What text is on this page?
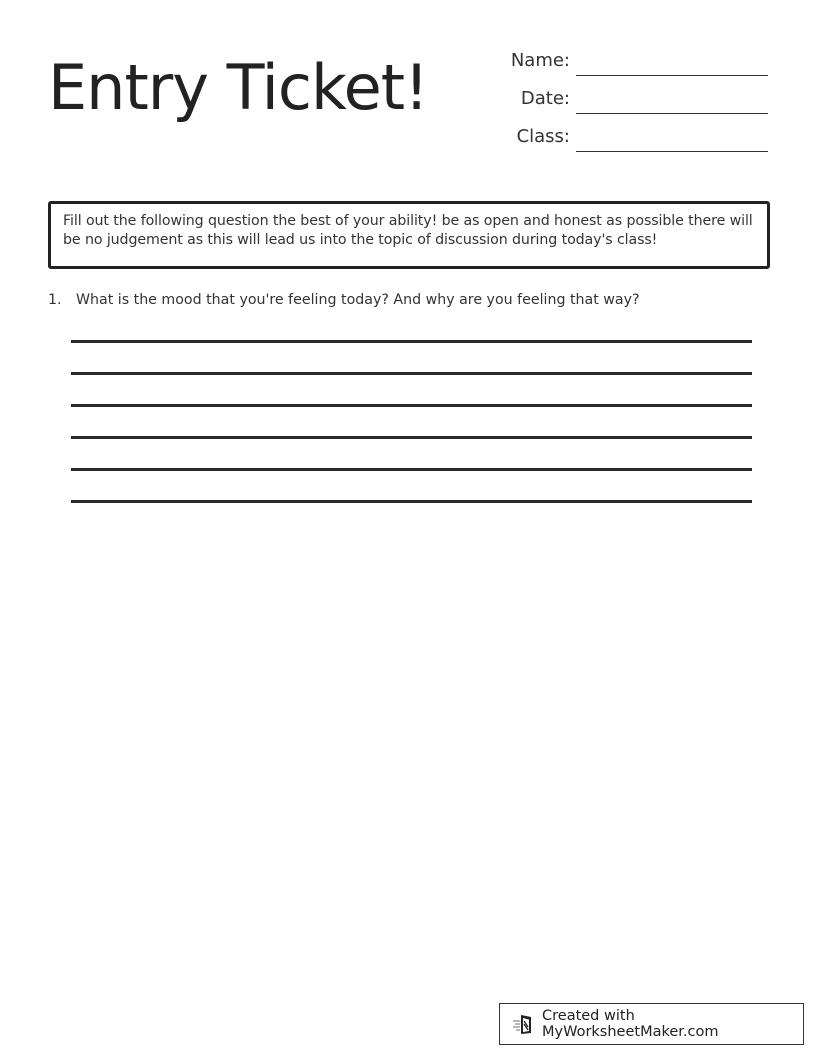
Entry Ticket!	Name:
Date:
Class:
Fill out the following question the best of your ability! be as open and honest as possible there will be no judgement as this will lead us into the topic of discussion during today's class!
1. What is the mood that you're feeling today? And why are you feeling that way?
Created with MyWorksheetMaker.com
